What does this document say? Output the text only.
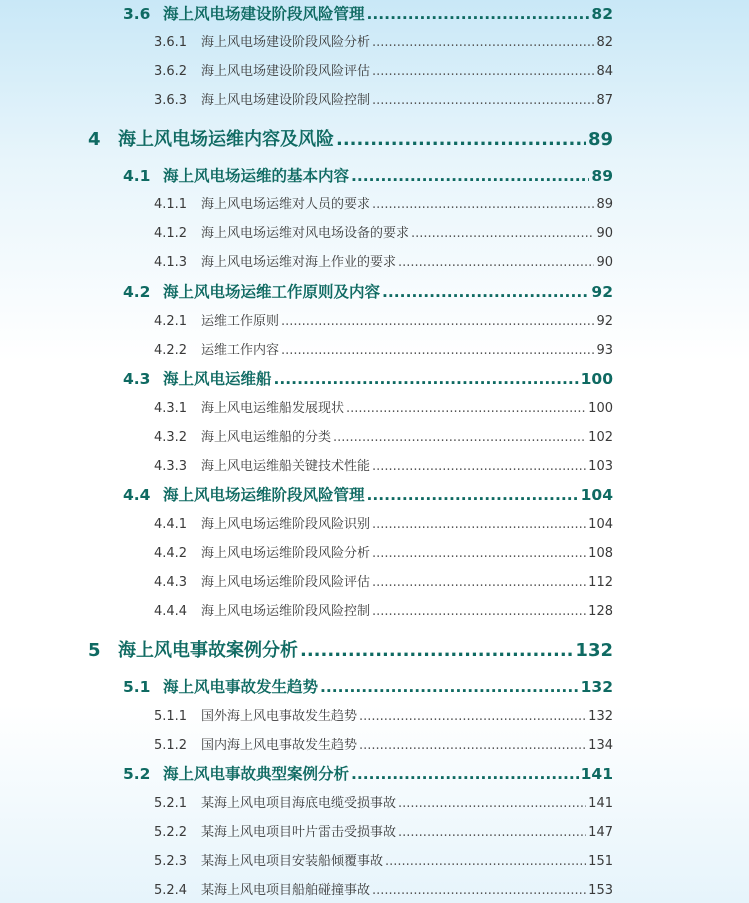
3.6 海上风电场建设阶段风险管理 .....	82
3.6.1	海上风电场建设阶段风险分析 .....	82
3.6.2	海上风电场建设阶段风险评估 .....	84
3.6.3	海上风电场建设阶段风险控制 .....	87
4 海上风电场运维内容及风险 .....	89
4.1 海上风电场运维的基本内容 .....	89
4.1.1	海上风电场运维对人员的要求 .....	89
4.1.2	海上风电场运维对风电场设备的要求 .....	90
4.1.3	海上风电场运维对海上作业的要求 .....	90
4.2 海上风电场运维工作原则及内容 .....	92
4.2.1	运维工作原则 .....	92
4.2.2	运维工作内容 .....	93
4.3 海上风电运维船 .....	100
4.3.1	海上风电运维船发展现状 .....	100
4.3.2	海上风电运维船的分类 .....	102
4.3.3	海上风电运维船关键技术性能 .....	103
4.4 海上风电场运维阶段风险管理 .....	104
4.4.1	海上风电场运维阶段风险识别 .....	104
4.4.2	海上风电场运维阶段风险分析 .....	108
4.4.3	海上风电场运维阶段风险评估 .....	112
4.4.4	海上风电场运维阶段风险控制 .....	128
5 海上风电事故案例分析 .....	132
5.1 海上风电事故发生趋势 .....	132
5.1.1	国外海上风电事故发生趋势 .....	132
5.1.2	国内海上风电事故发生趋势 .....	134
5.2 海上风电事故典型案例分析 .....	141
5.2.1	某海上风电项目海底电缆受损事故 .....	141
5.2.2	某海上风电项目叶片雷击受损事故 .....	147
5.2.3	某海上风电项目安装船倾覆事故 .....	151
5.2.4	某海上风电项目船舶碰撞事故 .....	153
